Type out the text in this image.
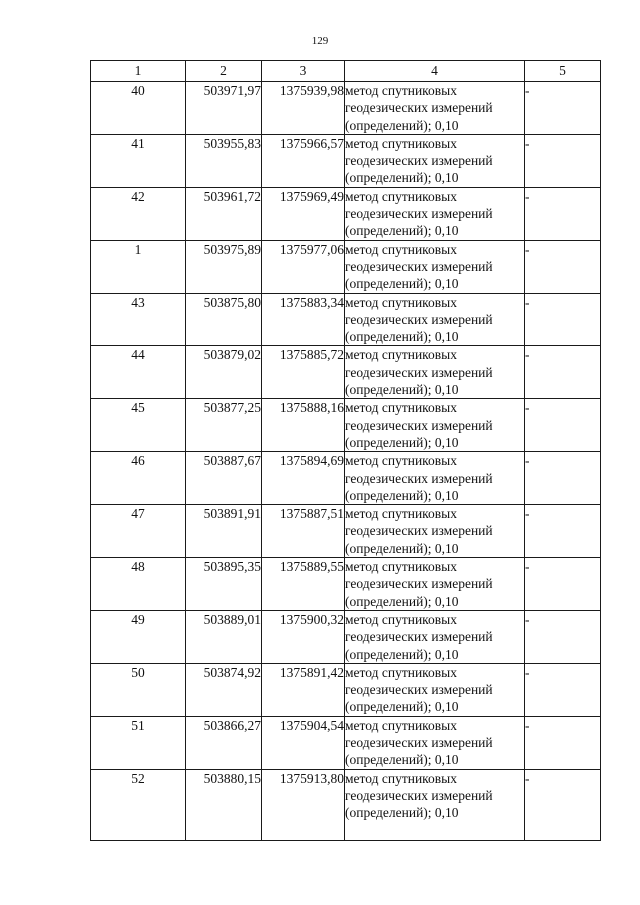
129
1	2	3	4	5
40	503971,97	1375939,98	метод спутниковых
геодезических измерений
(определений); 0,10	-
41	503955,83	1375966,57	метод спутниковых
геодезических измерений
(определений); 0,10	-
42	503961,72	1375969,49	метод спутниковых
геодезических измерений
(определений); 0,10	-
1	503975,89	1375977,06	метод спутниковых
геодезических измерений
(определений); 0,10	-
43	503875,80	1375883,34	метод спутниковых
геодезических измерений
(определений); 0,10	-
44	503879,02	1375885,72	метод спутниковых
геодезических измерений
(определений); 0,10	-
45	503877,25	1375888,16	метод спутниковых
геодезических измерений
(определений); 0,10	-
46	503887,67	1375894,69	метод спутниковых
геодезических измерений
(определений); 0,10	-
47	503891,91	1375887,51	метод спутниковых
геодезических измерений
(определений); 0,10	-
48	503895,35	1375889,55	метод спутниковых
геодезических измерений
(определений); 0,10	-
49	503889,01	1375900,32	метод спутниковых
геодезических измерений
(определений); 0,10	-
50	503874,92	1375891,42	метод спутниковых
геодезических измерений
(определений); 0,10	-
51	503866,27	1375904,54	метод спутниковых
геодезических измерений
(определений); 0,10	-
52	503880,15	1375913,80	метод спутниковых
геодезических измерений
(определений); 0,10	-
